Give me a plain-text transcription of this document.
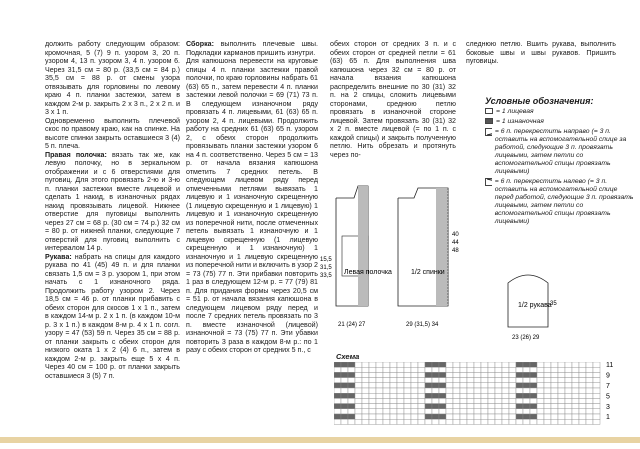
должить работу следующим образом: кромочная, 5 (7) 9 п. узором 3, 20 п. узором 4, 13 п. узором 3, 4 п. узором 6. Через 31,5 см = 80 р. (33,5 см = 84 р.) 35,5 см = 88 р. от смены узора отвязывать для горловины по левому краю 4 п. планки застежки, затем в каждом 2-м р. закрыть 2 х 3 п., 2 х 2 п. и 3 х 1 п.

Одновременно выполнить плечевой скос по правому краю, как на спинке. На высоте спинки закрыть оставшиеся 3 (4) 5 п. плеча.

Правая полочка: вязать так же, как левую полочку, но в зеркальном отображении и с 6 отверстиями для пуговиц. Для этого провязать 2-ю и 3-ю п. планки застежки вместе лицевой и сделать 1 накид, в изнаночных рядах накид провязывать лицевой. Нижнее отверстие для пуговицы выполнить через 27 см = 68 р. (30 см = 74 р.) 32 см = 80 р. от нижней планки, следующие 7 отверстий для пуговиц выполнить с интервалом 14 р.

Рукава: набрать на спицы для каждого рукава по 41 (45) 49 п. и для планки связать 1,5 см = 3 р. узором 1, при этом начать с 1 изнаночного ряда. Продолжить работу узором 2. Через 18,5 см = 46 р. от планки прибавить с обеих сторон для скосов 1 х 1 п., затем в каждом 14-м р. 2 х 1 п. (в каждом 10-м р. 3 х 1 п.) в каждом 8-м р. 4 х 1 п. согл. узору = 47 (53) 59 п. Через 35 см = 88 р. от планки закрыть с обеих сторон для низкого оката 1 х 2 (4) 6 п., затем в каждом 2-м р. закрыть еще 5 х 4 п. Через 40 см = 100 р. от планки закрыть оставшиеся 3 (5) 7 п.

Сборка: выполнить плечевые швы. Подкладки карманов пришить изнутри.

Для капюшона перевести на круговые спицы 4 п. планки застежки правой полочки, по краю горловины набрать 61 (63) 65 п., затем перевести 4 п. планки застежки левой полочки = 69 (71) 73 п. В следующем изнаночном ряду провязать 4 п. лицевыми, 61 (63) 65 п. узором 2, 4 п. лицевыми. Продолжить работу на средних 61 (63) 65 п. узором 2, с обеих сторон продолжить провязывать планки застежки узором 6 на 4 п. соответственно. Через 5 см = 13 р. от начала вязания капюшона отметить 7 средних петель. В следующем лицевом ряду перед отмеченными петлями вывязать 1 лицевую и 1 изнаночную скрещенную (1 лицевую скрещенную и 1 лицевую) 1 лицевую и 1 изнаночную скрещенную из поперечной нити, после отмеченных петель вывязать 1 изнаночную и 1 лицевую скрещенную (1 лицевую скрещенную и 1 изнаночную) 1 изнаночную и 1 лицевую скрещенную из поперечной нити и включить в узор 2 = 73 (75) 77 п. Эти прибавки повторить 1 раз в следующем 12-м р. = 77 (79) 81 п. Для придания формы через 20,5 см = 51 р. от начала вязания капюшона в следующем лицевом ряду перед и после 7 средних петель провязать по 3 п. вместе изнаночной (лицевой) изнаночной = 73 (75) 77 п. Эти убавки повторить 3 раза в каждом 8-м р.: по 1 разу с обеих сторон от средних 5 п., с

обеих сторон от средних 3 п. и с обеих сторон от средней петли = 61 (63) 65 п. Для выполнения шва капюшона через 32 см = 80 р. от начала вязания капюшона распределить внешние по 30 (31) 32 п. на 2 спицы, сложить лицевыми сторонами, среднюю петлю провязать в изнаночной стороне лицевой. Затем провязать 30 (31) 32 х 2 п. вместе лицевой (= по 1 п. с каждой спицы) и закрыть полученную петлю. Нить обрезать и протянуть через по-

следнюю петлю. Вшить рукава, выполнить боковые швы и швы рукавов. Пришить пуговицы.

Условные обозначения:
= 1 лицевая
= 1 изнаночная
= 6 п. перекрестить направо (= 3 п. оставить на вспомогательной спице за работой, следующие 3 п. провязать лицевыми, затем петли со вспомогательной спицы провязать лицевыми)
= 6 п. перекрестить налево (= 3 п. оставить на вспомогательной спице перед работой, следующие 3 п. провязать лицевыми, затем петли со вспомогательной спицы провязать лицевыми)
Левая полочка	1/2 спинки
15,5
31,5
33,5
21 (24) 27	29 (31,5) 34
40
44
48
1/2 рукава
35
23 (26) 29
Схема
11
9
7
5
3
1
